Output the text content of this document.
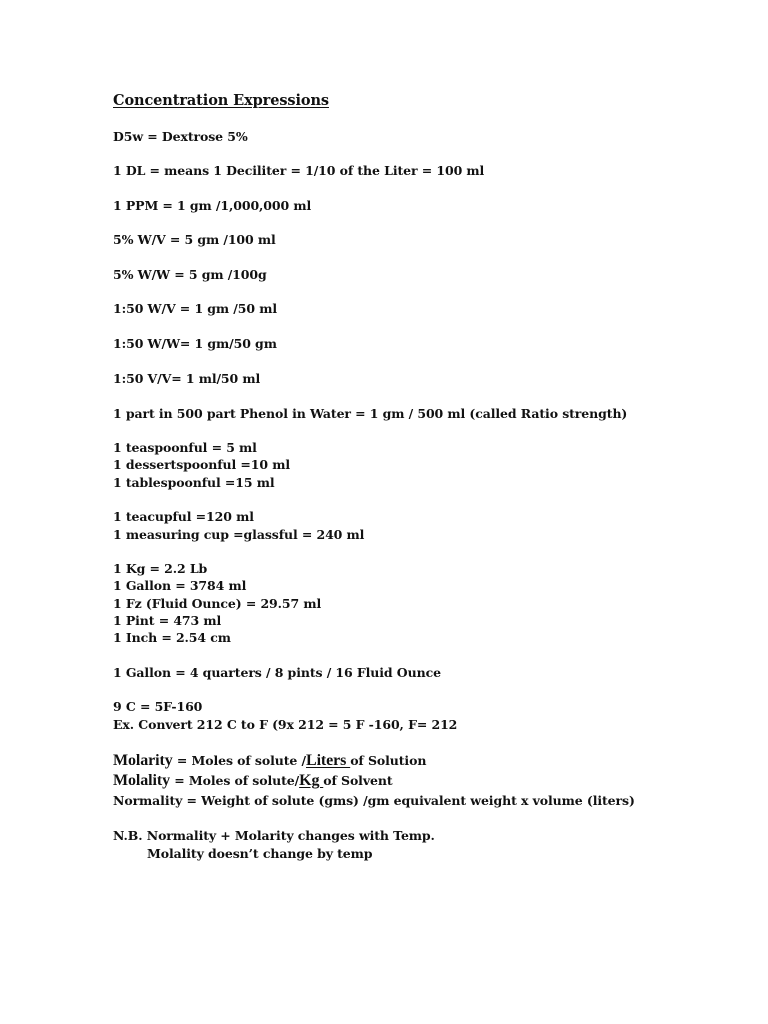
Concentration Expressions
D5w = Dextrose 5%
1 DL = means 1 Deciliter = 1/10 of the Liter = 100 ml
1 PPM = 1 gm /1,000,000 ml
5% W/V = 5 gm /100 ml
5% W/W = 5 gm /100g
1:50 W/V = 1 gm /50 ml
1:50 W/W= 1 gm/50 gm
1:50 V/V= 1 ml/50 ml
1 part in 500 part Phenol in Water = 1 gm / 500 ml (called Ratio strength)
1 teaspoonful = 5 ml
1 dessertspoonful =10 ml
1 tablespoonful =15 ml
1 teacupful =120 ml
1 measuring cup =glassful = 240 ml
1 Kg = 2.2 Lb
1 Gallon = 3784 ml
1 Fz (Fluid Ounce) = 29.57 ml
1 Pint = 473 ml
1 Inch = 2.54 cm
1 Gallon = 4 quarters / 8 pints / 16 Fluid Ounce
9 C = 5F-160
Ex. Convert 212 C to F (9x 212 = 5 F -160, F= 212
Molarity = Moles of solute /Liters of Solution
Molality = Moles of solute/Kg of Solvent
Normality = Weight of solute (gms) /gm equivalent weight x volume (liters)
N.B. Normality + Molarity changes with Temp.
Molality doesn’t change by temp
